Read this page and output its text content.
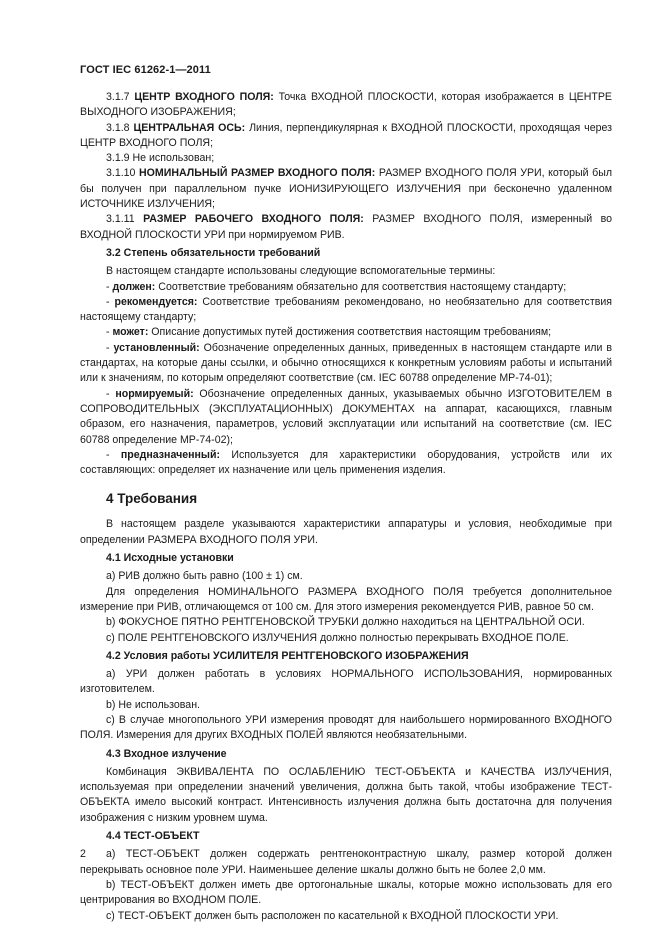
ГОСТ IEC 61262-1—2011

3.1.7 ЦЕНТР ВХОДНОГО ПОЛЯ: Точка ВХОДНОЙ ПЛОСКОСТИ, которая изображается в ЦЕНТРЕ ВЫХОДНОГО ИЗОБРАЖЕНИЯ;

3.1.8 ЦЕНТРАЛЬНАЯ ОСЬ: Линия, перпендикулярная к ВХОДНОЙ ПЛОСКОСТИ, проходящая через ЦЕНТР ВХОДНОГО ПОЛЯ;

3.1.9 Не использован;

3.1.10 НОМИНАЛЬНЫЙ РАЗМЕР ВХОДНОГО ПОЛЯ: РАЗМЕР ВХОДНОГО ПОЛЯ УРИ, который был бы получен при параллельном пучке ИОНИЗИРУЮЩЕГО ИЗЛУЧЕНИЯ при бесконечно удаленном ИСТОЧНИКЕ ИЗЛУЧЕНИЯ;

3.1.11 РАЗМЕР РАБОЧЕГО ВХОДНОГО ПОЛЯ: РАЗМЕР ВХОДНОГО ПОЛЯ, измеренный во ВХОДНОЙ ПЛОСКОСТИ УРИ при нормируемом РИВ.

3.2 Степень обязательности требований

В настоящем стандарте использованы следующие вспомогательные термины:

- должен: Соответствие требованиям обязательно для соответствия настоящему стандарту;

- рекомендуется: Соответствие требованиям рекомендовано, но необязательно для соответствия настоящему стандарту;

- может: Описание допустимых путей достижения соответствия настоящим требованиям;

- установленный: Обозначение определенных данных, приведенных в настоящем стандарте или в стандартах, на которые даны ссылки, и обычно относящихся к конкретным условиям работы и испытаний или к значениям, по которым определяют соответствие (см. IEC 60788 определение МР-74-01);

- нормируемый: Обозначение определенных данных, указываемых обычно ИЗГОТОВИТЕЛЕМ в СОПРОВОДИТЕЛЬНЫХ (ЭКСПЛУАТАЦИОННЫХ) ДОКУМЕНТАХ на аппарат, касающихся, главным образом, его назначения, параметров, условий эксплуатации или испытаний на соответствие (см. IEC 60788 определение МР-74-02);

- предназначенный: Используется для характеристики оборудования, устройств или их составляющих: определяет их назначение или цель применения изделия.

4 Требования

В настоящем разделе указываются характеристики аппаратуры и условия, необходимые при определении РАЗМЕРА ВХОДНОГО ПОЛЯ УРИ.

4.1 Исходные установки

а) РИВ должно быть равно (100 ± 1) см.

Для определения НОМИНАЛЬНОГО РАЗМЕРА ВХОДНОГО ПОЛЯ требуется дополнительное измерение при РИВ, отличающемся от 100 см. Для этого измерения рекомендуется РИВ, равное 50 см.

b) ФОКУСНОЕ ПЯТНО РЕНТГЕНОВСКОЙ ТРУБКИ должно находиться на ЦЕНТРАЛЬНОЙ ОСИ.

с) ПОЛЕ РЕНТГЕНОВСКОГО ИЗЛУЧЕНИЯ должно полностью перекрывать ВХОДНОЕ ПОЛЕ.

4.2 Условия работы УСИЛИТЕЛЯ РЕНТГЕНОВСКОГО ИЗОБРАЖЕНИЯ

а) УРИ должен работать в условиях НОРМАЛЬНОГО ИСПОЛЬЗОВАНИЯ, нормированных изготовителем.

b) Не использован.

с) В случае многопольного УРИ измерения проводят для наибольшего нормированного ВХОДНОГО ПОЛЯ. Измерения для других ВХОДНЫХ ПОЛЕЙ являются необязательными.

4.3 Входное излучение

Комбинация ЭКВИВАЛЕНТА ПО ОСЛАБЛЕНИЮ ТЕСТ-ОБЪЕКТА и КАЧЕСТВА ИЗЛУЧЕНИЯ, используемая при определении значений увеличения, должна быть такой, чтобы изображение ТЕСТ-ОБЪЕКТА имело высокий контраст. Интенсивность излучения должна быть достаточна для получения изображения с низким уровнем шума.

4.4 ТЕСТ-ОБЪЕКТ

а) ТЕСТ-ОБЪЕКТ должен содержать рентгеноконтрастную шкалу, размер которой должен перекрывать основное поле УРИ. Наименьшее деление шкалы должно быть не более 2,0 мм.

b) ТЕСТ-ОБЪЕКТ должен иметь две ортогональные шкалы, которые можно использовать для его центрирования во ВХОДНОМ ПОЛЕ.

с) ТЕСТ-ОБЪЕКТ должен быть расположен по касательной к ВХОДНОЙ ПЛОСКОСТИ УРИ.

2
